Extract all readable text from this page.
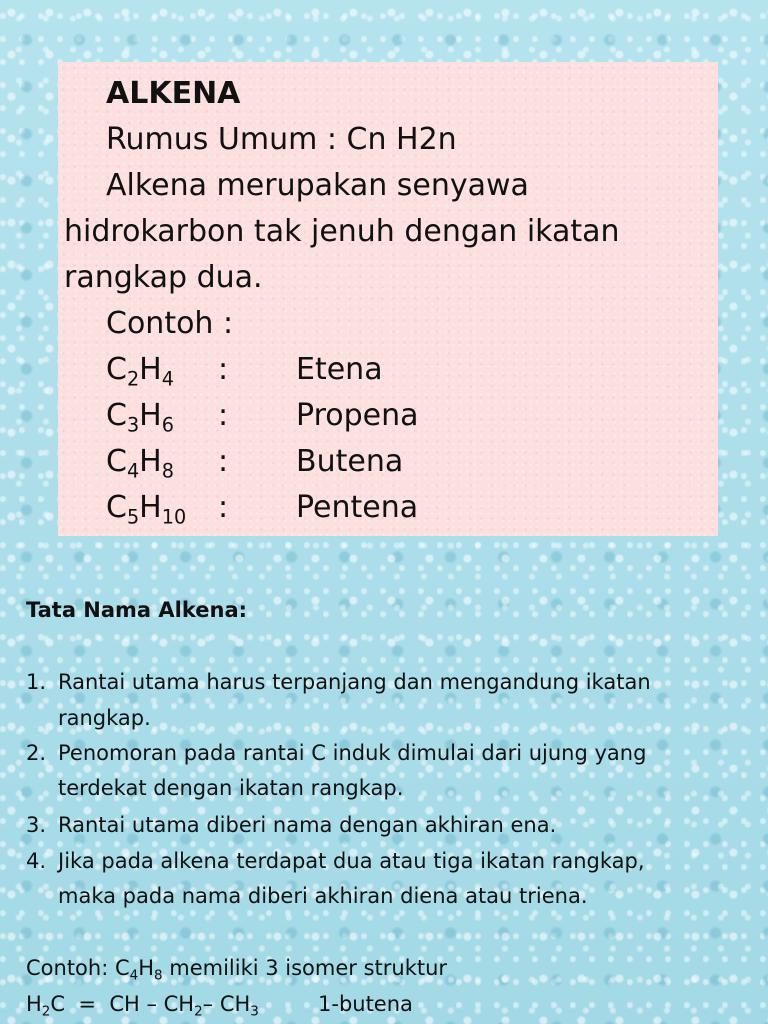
ALKENA
Rumus Umum : Cn H2n
Alkena merupakan senyawa
hidrokarbon tak jenuh dengan ikatan
rangkap dua.
Contoh :
$C_2H_4$ : Etena
$C_3H_6$ : Propena
$C_4H_8$ : Butena
$C_5H_{10}$ : Pentena
Tata Nama Alkena:
1. Rantai utama harus terpanjang dan mengandung ikatan
rangkap.
2. Penomoran pada rantai C induk dimulai dari ujung yang
terdekat dengan ikatan rangkap.
3. Rantai utama diberi nama dengan akhiran ena.
4. Jika pada alkena terdapat dua atau tiga ikatan rangkap,
maka pada nama diberi akhiran diena atau triena.
Contoh: $C_4H_8$ memiliki 3 isomer struktur
$H_2C$  =  CH – $CH_2-$ $CH_3$	1-butena
